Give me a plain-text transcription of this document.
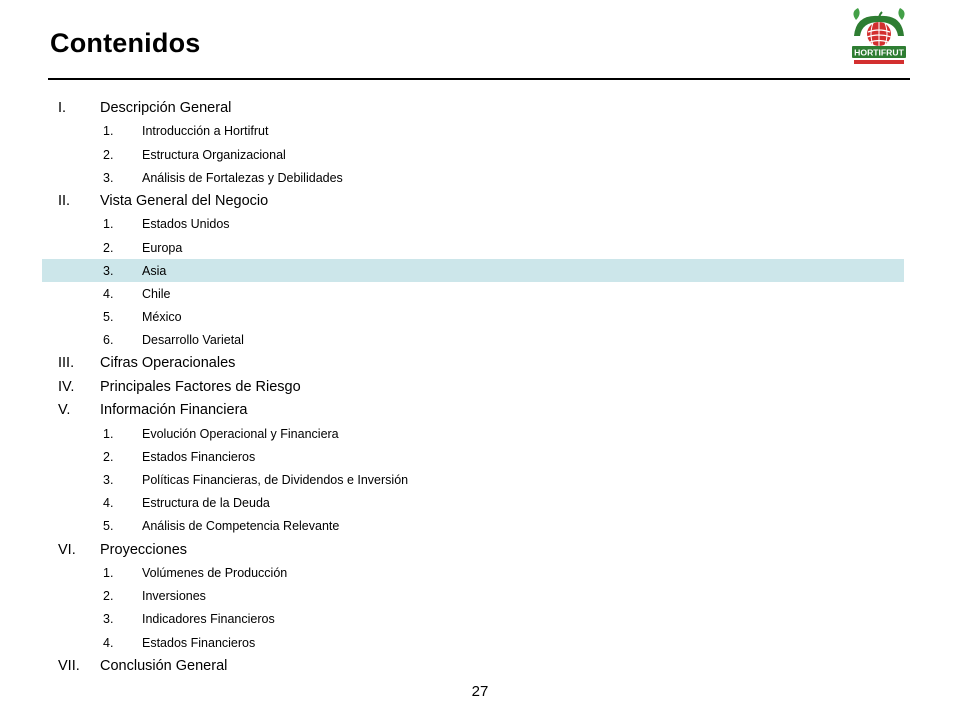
Contenidos	HORTIFRUT
I. Descripción General
1. Introducción a Hortifrut
2. Estructura Organizacional
3. Análisis de Fortalezas y Debilidades
II. Vista General del Negocio
1. Estados Unidos
2. Europa
3. Asia
4. Chile
5. México
6. Desarrollo Varietal
III. Cifras Operacionales
IV. Principales Factores de Riesgo
V. Información Financiera
1. Evolución Operacional y Financiera
2. Estados Financieros
3. Políticas Financieras, de Dividendos e Inversión
4. Estructura de la Deuda
5. Análisis de Competencia Relevante
VI. Proyecciones
1. Volúmenes de Producción
2. Inversiones
3. Indicadores Financieros
4. Estados Financieros
VII. Conclusión General
27
